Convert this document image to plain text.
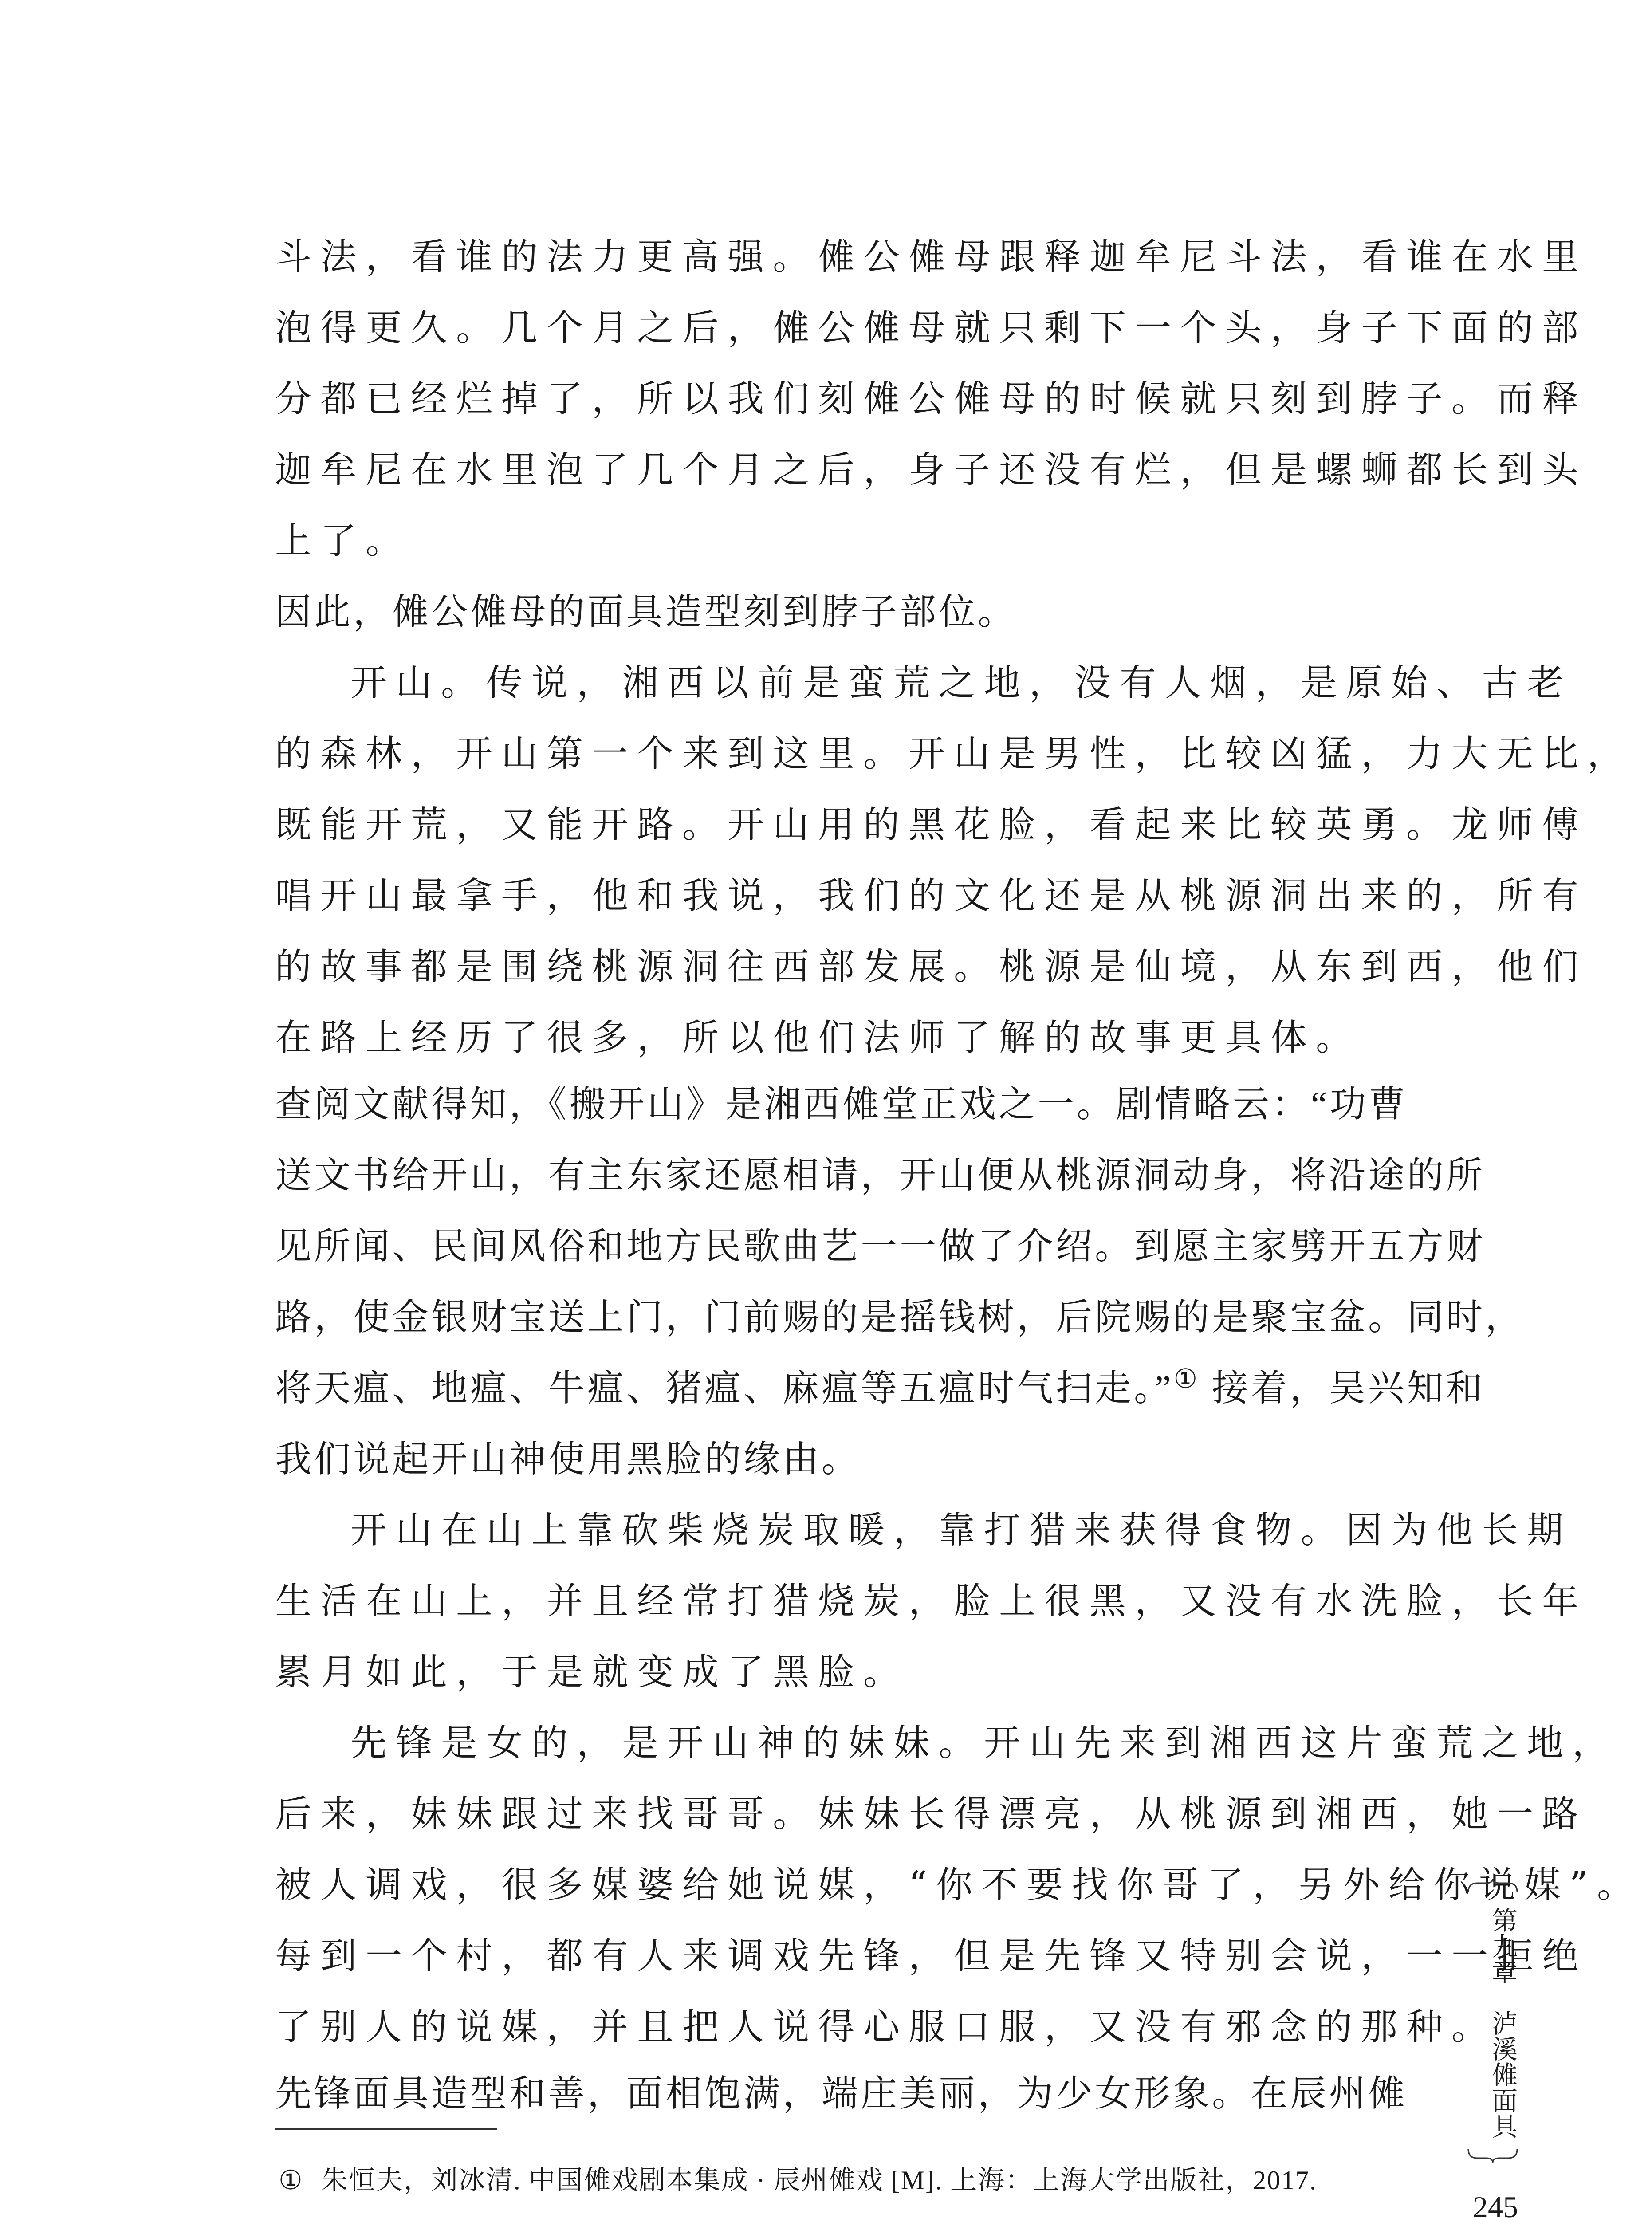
斗法，看谁的法力更高强。傩公傩母跟释迦牟尼斗法，看谁在水里
泡得更久。几个月之后，傩公傩母就只剩下一个头，身子下面的部
分都已经烂掉了，所以我们刻傩公傩母的时候就只刻到脖子。而释
迦牟尼在水里泡了几个月之后，身子还没有烂，但是螺蛳都长到头
上了。
因此，傩公傩母的面具造型刻到脖子部位。
开山。传说，湘西以前是蛮荒之地，没有人烟，是原始、古老
的森林，开山第一个来到这里。开山是男性，比较凶猛，力大无比，
既能开荒，又能开路。开山用的黑花脸，看起来比较英勇。龙师傅
唱开山最拿手，他和我说，我们的文化还是从桃源洞出来的，所有
的故事都是围绕桃源洞往西部发展。桃源是仙境，从东到西，他们
在路上经历了很多，所以他们法师了解的故事更具体。
查阅文献得知，《搬开山》是湘西傩堂正戏之一。剧情略云：“功曹
送文书给开山，有主东家还愿相请，开山便从桃源洞动身，将沿途的所
见所闻、民间风俗和地方民歌曲艺一一做了介绍。到愿主家劈开五方财
路，使金银财宝送上门，门前赐的是摇钱树，后院赐的是聚宝盆。同时，
将天瘟、地瘟、牛瘟、猪瘟、麻瘟等五瘟时气扫走。”① 接着，吴兴知和
我们说起开山神使用黑脸的缘由。
开山在山上靠砍柴烧炭取暖，靠打猎来获得食物。因为他长期
生活在山上，并且经常打猎烧炭，脸上很黑，又没有水洗脸，长年
累月如此，于是就变成了黑脸。
先锋是女的，是开山神的妹妹。开山先来到湘西这片蛮荒之地，
后来，妹妹跟过来找哥哥。妹妹长得漂亮，从桃源到湘西，她一路
被人调戏，很多媒婆给她说媒，“你不要找你哥了，另外给你说媒”。
每到一个村，都有人来调戏先锋，但是先锋又特别会说，一一拒绝
了别人的说媒，并且把人说得心服口服，又没有邪念的那种。
先锋面具造型和善，面相饱满，端庄美丽，为少女形象。在辰州傩
① 朱恒夫，刘冰清. 中国傩戏剧本集成 · 辰州傩戏 [M]. 上海：上海大学出版社，2017.
第九章　泸溪傩面具
245
